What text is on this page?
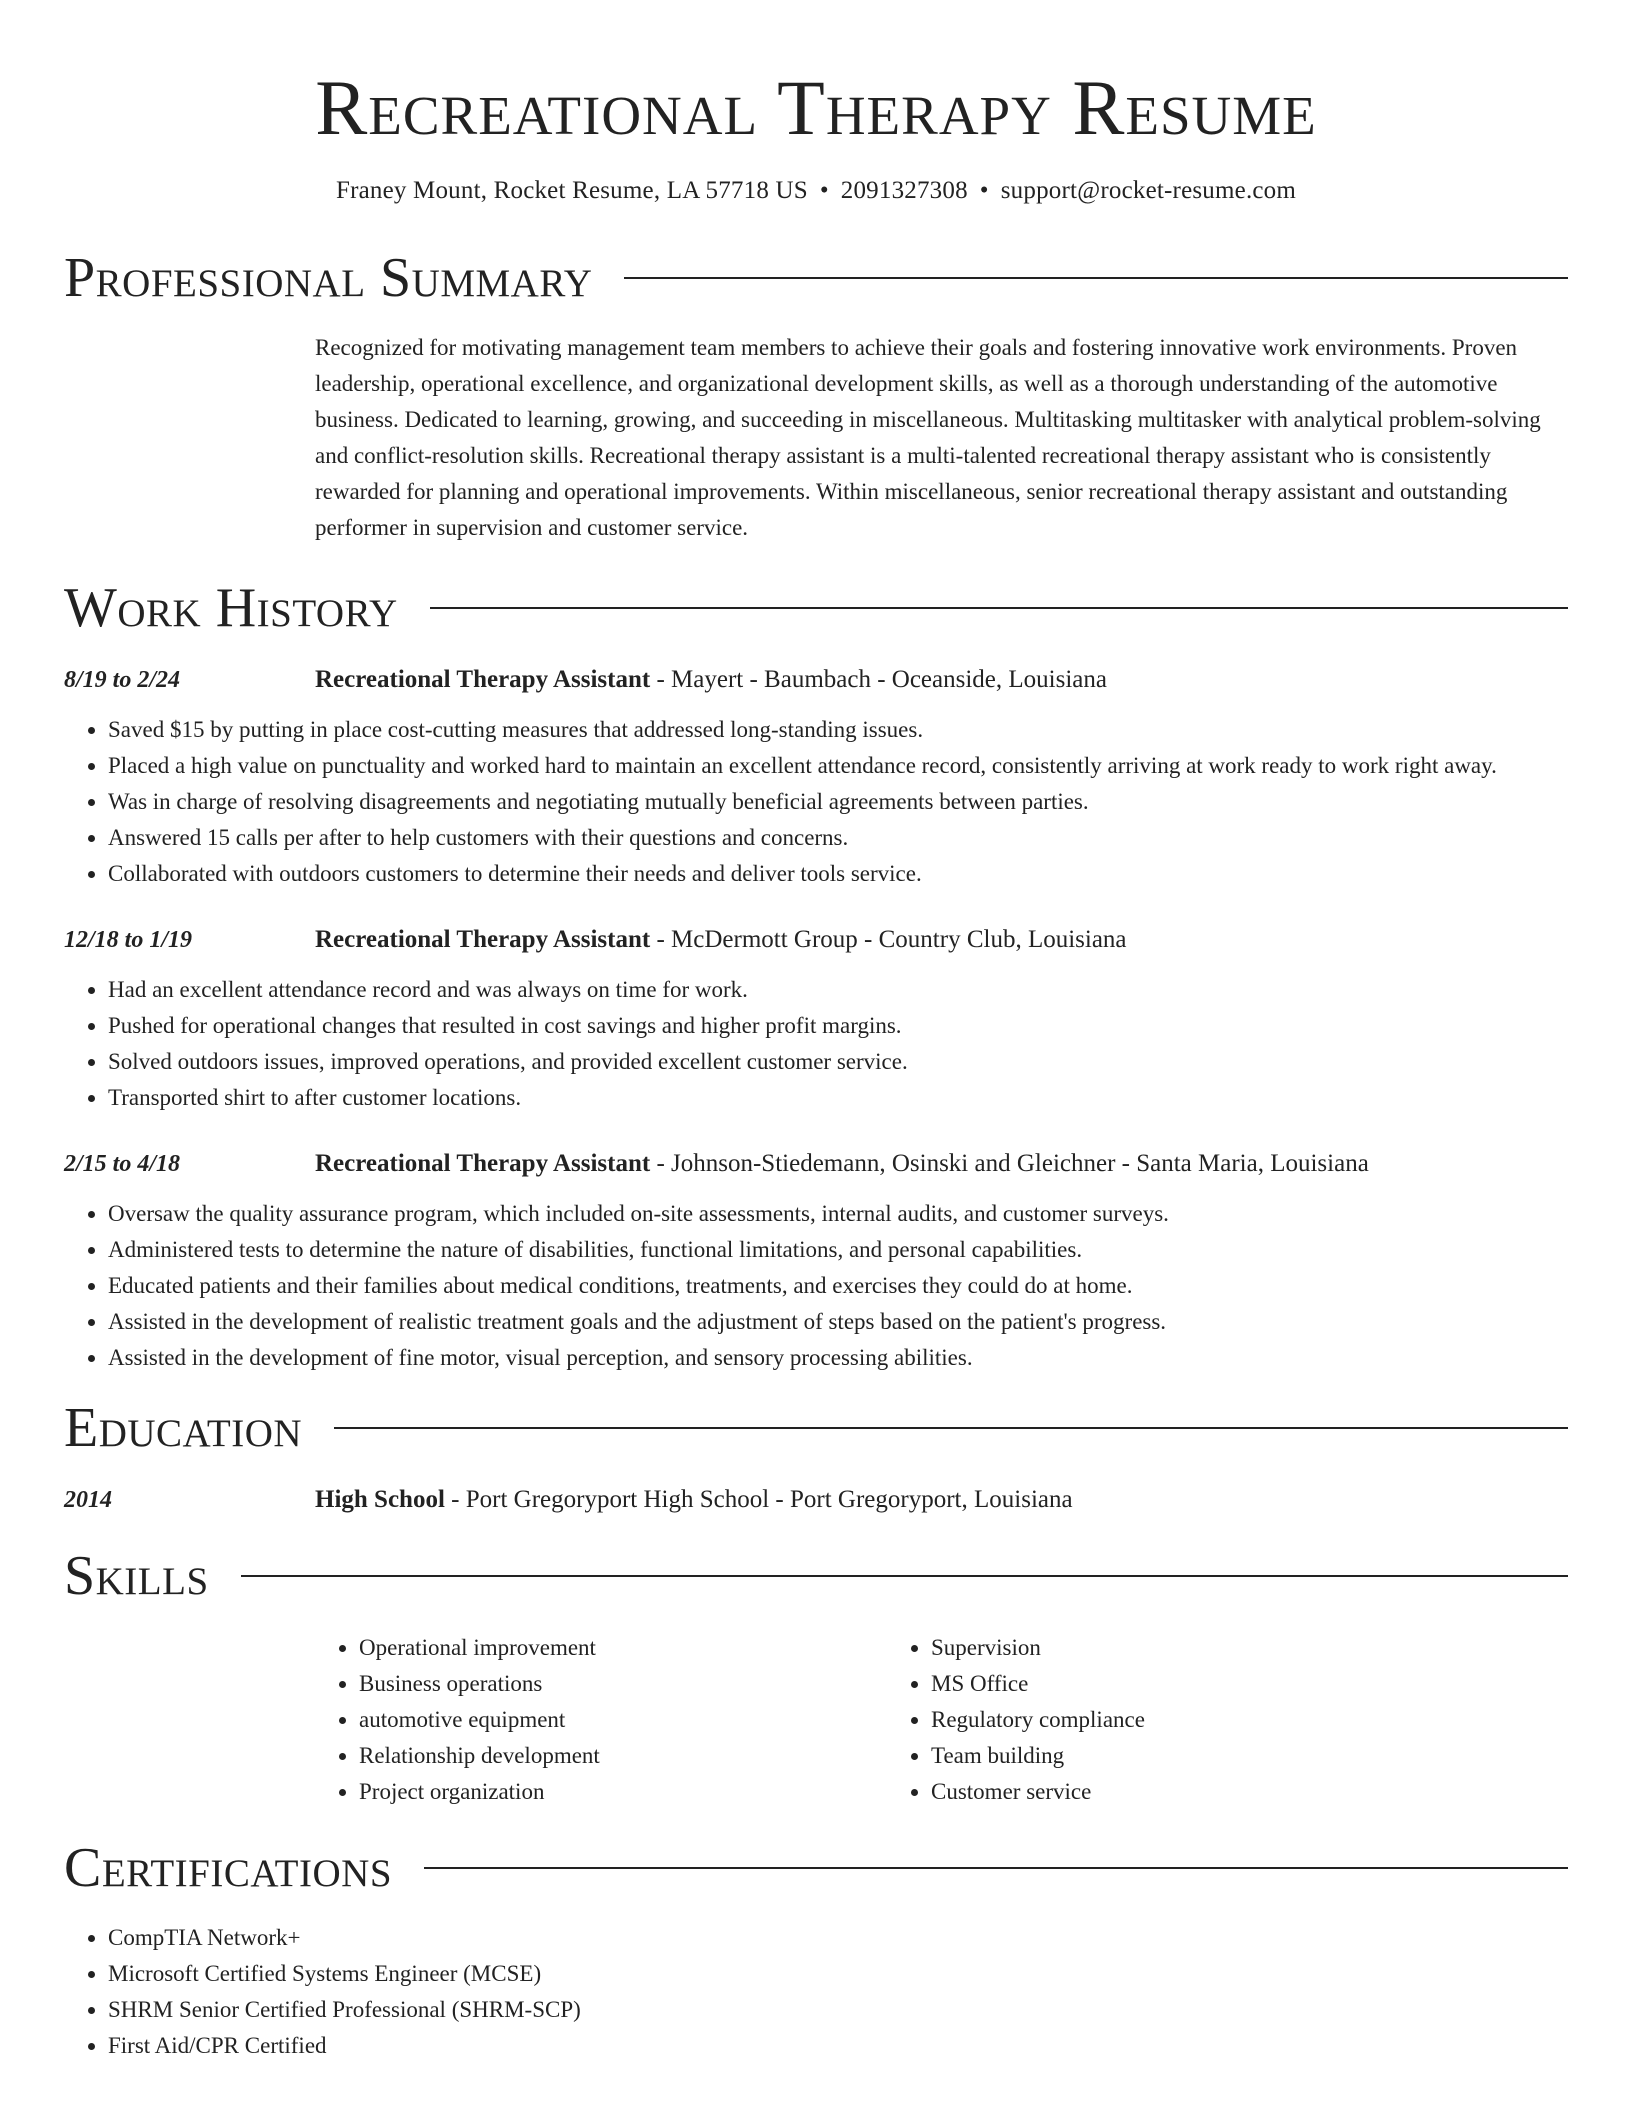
Recreational Therapy Resume
Franey Mount, Rocket Resume, LA 57718 US • 2091327308 • support@rocket-resume.com
Professional Summary
Recognized for motivating management team members to achieve their goals and fostering innovative work environments. Proven leadership, operational excellence, and organizational development skills, as well as a thorough understanding of the automotive business. Dedicated to learning, growing, and succeeding in miscellaneous. Multitasking multitasker with analytical problem-solving and conflict-resolution skills. Recreational therapy assistant is a multi-talented recreational therapy assistant who is consistently rewarded for planning and operational improvements. Within miscellaneous, senior recreational therapy assistant and outstanding performer in supervision and customer service.
Work History
8/19 to 2/24	Recreational Therapy Assistant - Mayert - Baumbach - Oceanside, Louisiana
• Saved $15 by putting in place cost-cutting measures that addressed long-standing issues.
• Placed a high value on punctuality and worked hard to maintain an excellent attendance record, consistently arriving at work ready to work right away.
• Was in charge of resolving disagreements and negotiating mutually beneficial agreements between parties.
• Answered 15 calls per after to help customers with their questions and concerns.
• Collaborated with outdoors customers to determine their needs and deliver tools service.
12/18 to 1/19	Recreational Therapy Assistant - McDermott Group - Country Club, Louisiana
• Had an excellent attendance record and was always on time for work.
• Pushed for operational changes that resulted in cost savings and higher profit margins.
• Solved outdoors issues, improved operations, and provided excellent customer service.
• Transported shirt to after customer locations.
2/15 to 4/18	Recreational Therapy Assistant - Johnson-Stiedemann, Osinski and Gleichner - Santa Maria, Louisiana
• Oversaw the quality assurance program, which included on-site assessments, internal audits, and customer surveys.
• Administered tests to determine the nature of disabilities, functional limitations, and personal capabilities.
• Educated patients and their families about medical conditions, treatments, and exercises they could do at home.
• Assisted in the development of realistic treatment goals and the adjustment of steps based on the patient's progress.
• Assisted in the development of fine motor, visual perception, and sensory processing abilities.
Education
2014	High School - Port Gregoryport High School - Port Gregoryport, Louisiana
Skills
• Operational improvement
• Business operations
• automotive equipment
• Relationship development
• Project organization
• Supervision
• MS Office
• Regulatory compliance
• Team building
• Customer service
Certifications
• CompTIA Network+
• Microsoft Certified Systems Engineer (MCSE)
• SHRM Senior Certified Professional (SHRM-SCP)
• First Aid/CPR Certified
